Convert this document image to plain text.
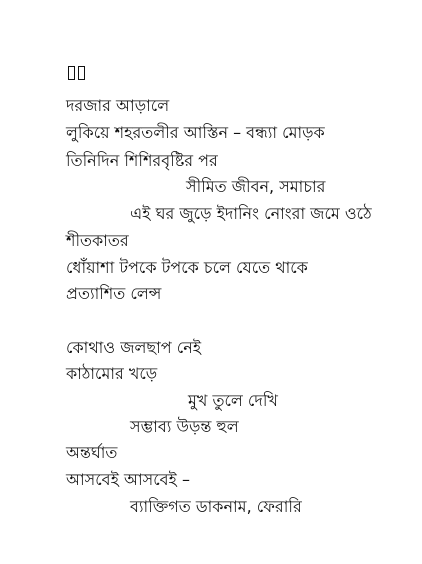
দরজার আড়ালে
লুকিয়ে শহরতলীর আস্তিন – বন্ধ্যা মোড়ক
তিনিদিন শিশিরবৃষ্টির পর
সীমিত জীবন, সমাচার
এই ঘর জুড়ে ইদানিং নোংরা জমে ওঠে
শীতকাতর
ধোঁয়াশা টপকে টপকে চলে যেতে থাকে
প্রত্যাশিত লেন্স
কোথাও জলছাপ নেই
কাঠামোর খড়ে
মুখ তুলে দেখি
সম্ভাব্য উড়ন্ত হুল
অন্তর্ঘাত
আসবেই আসবেই –
ব্যাক্তিগত ডাকনাম, ফেরারি
